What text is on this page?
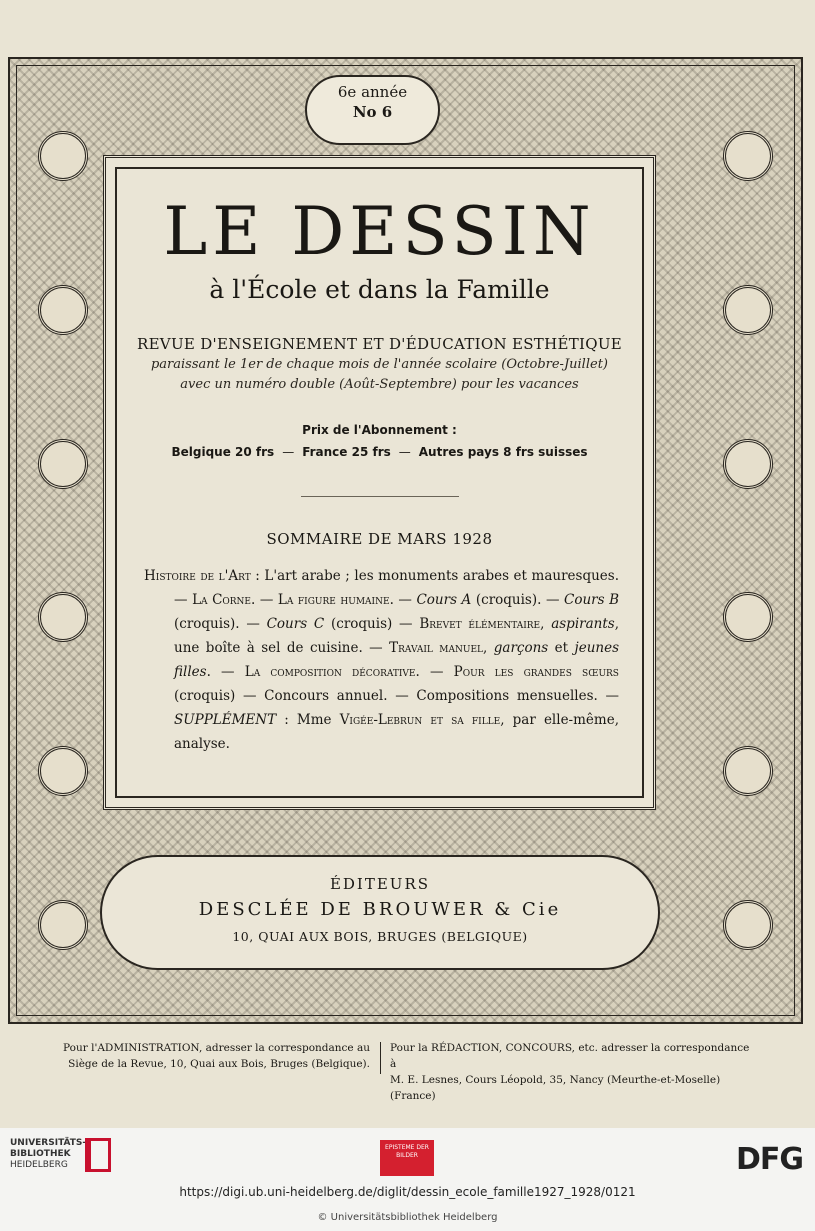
6e année
No 6
LE DESSIN
à l'École et dans la Famille
REVUE D'ENSEIGNEMENT ET D'ÉDUCATION ESTHÉTIQUE
paraissant le 1er de chaque mois de l'année scolaire (Octobre-Juillet)
avec un numéro double (Août-Septembre) pour les vacances
Prix de l'Abonnement :
Belgique 20 frs — France 25 frs — Autres pays 8 frs suisses
SOMMAIRE DE MARS 1928
Histoire de l'Art : L'art arabe ; les monuments arabes et mauresques. — La Corne. — La figure humaine. — Cours A (croquis). — Cours B (croquis). — Cours C (croquis) — Brevet élémentaire, aspirants, une boîte à sel de cuisine. — Travail manuel, garçons et jeunes filles. — La composition décorative. — Pour les grandes sœurs (croquis) — Concours annuel. — Compositions mensuelles. — SUPPLÉMENT : Mme Vigée-Lebrun et sa fille, par elle-même, analyse.
ÉDITEURS
DESCLÉE DE BROUWER & Cie
10, QUAI AUX BOIS, BRUGES (BELGIQUE)
Pour l'ADMINISTRATION, adresser la correspondance au
Siège de la Revue, 10, Quai aux Bois, Bruges (Belgique).
Pour la RÉDACTION, CONCOURS, etc. adresser la correspondance à
M. E. Lesnes, Cours Léopold, 35, Nancy (Meurthe-et-Moselle) (France)
UNIVERSITÄTS-
BIBLIOTHEK
HEIDELBERG
EPISTEME DER BILDER	DFG
https://digi.ub.uni-heidelberg.de/diglit/dessin_ecole_famille1927_1928/0121
© Universitätsbibliothek Heidelberg
